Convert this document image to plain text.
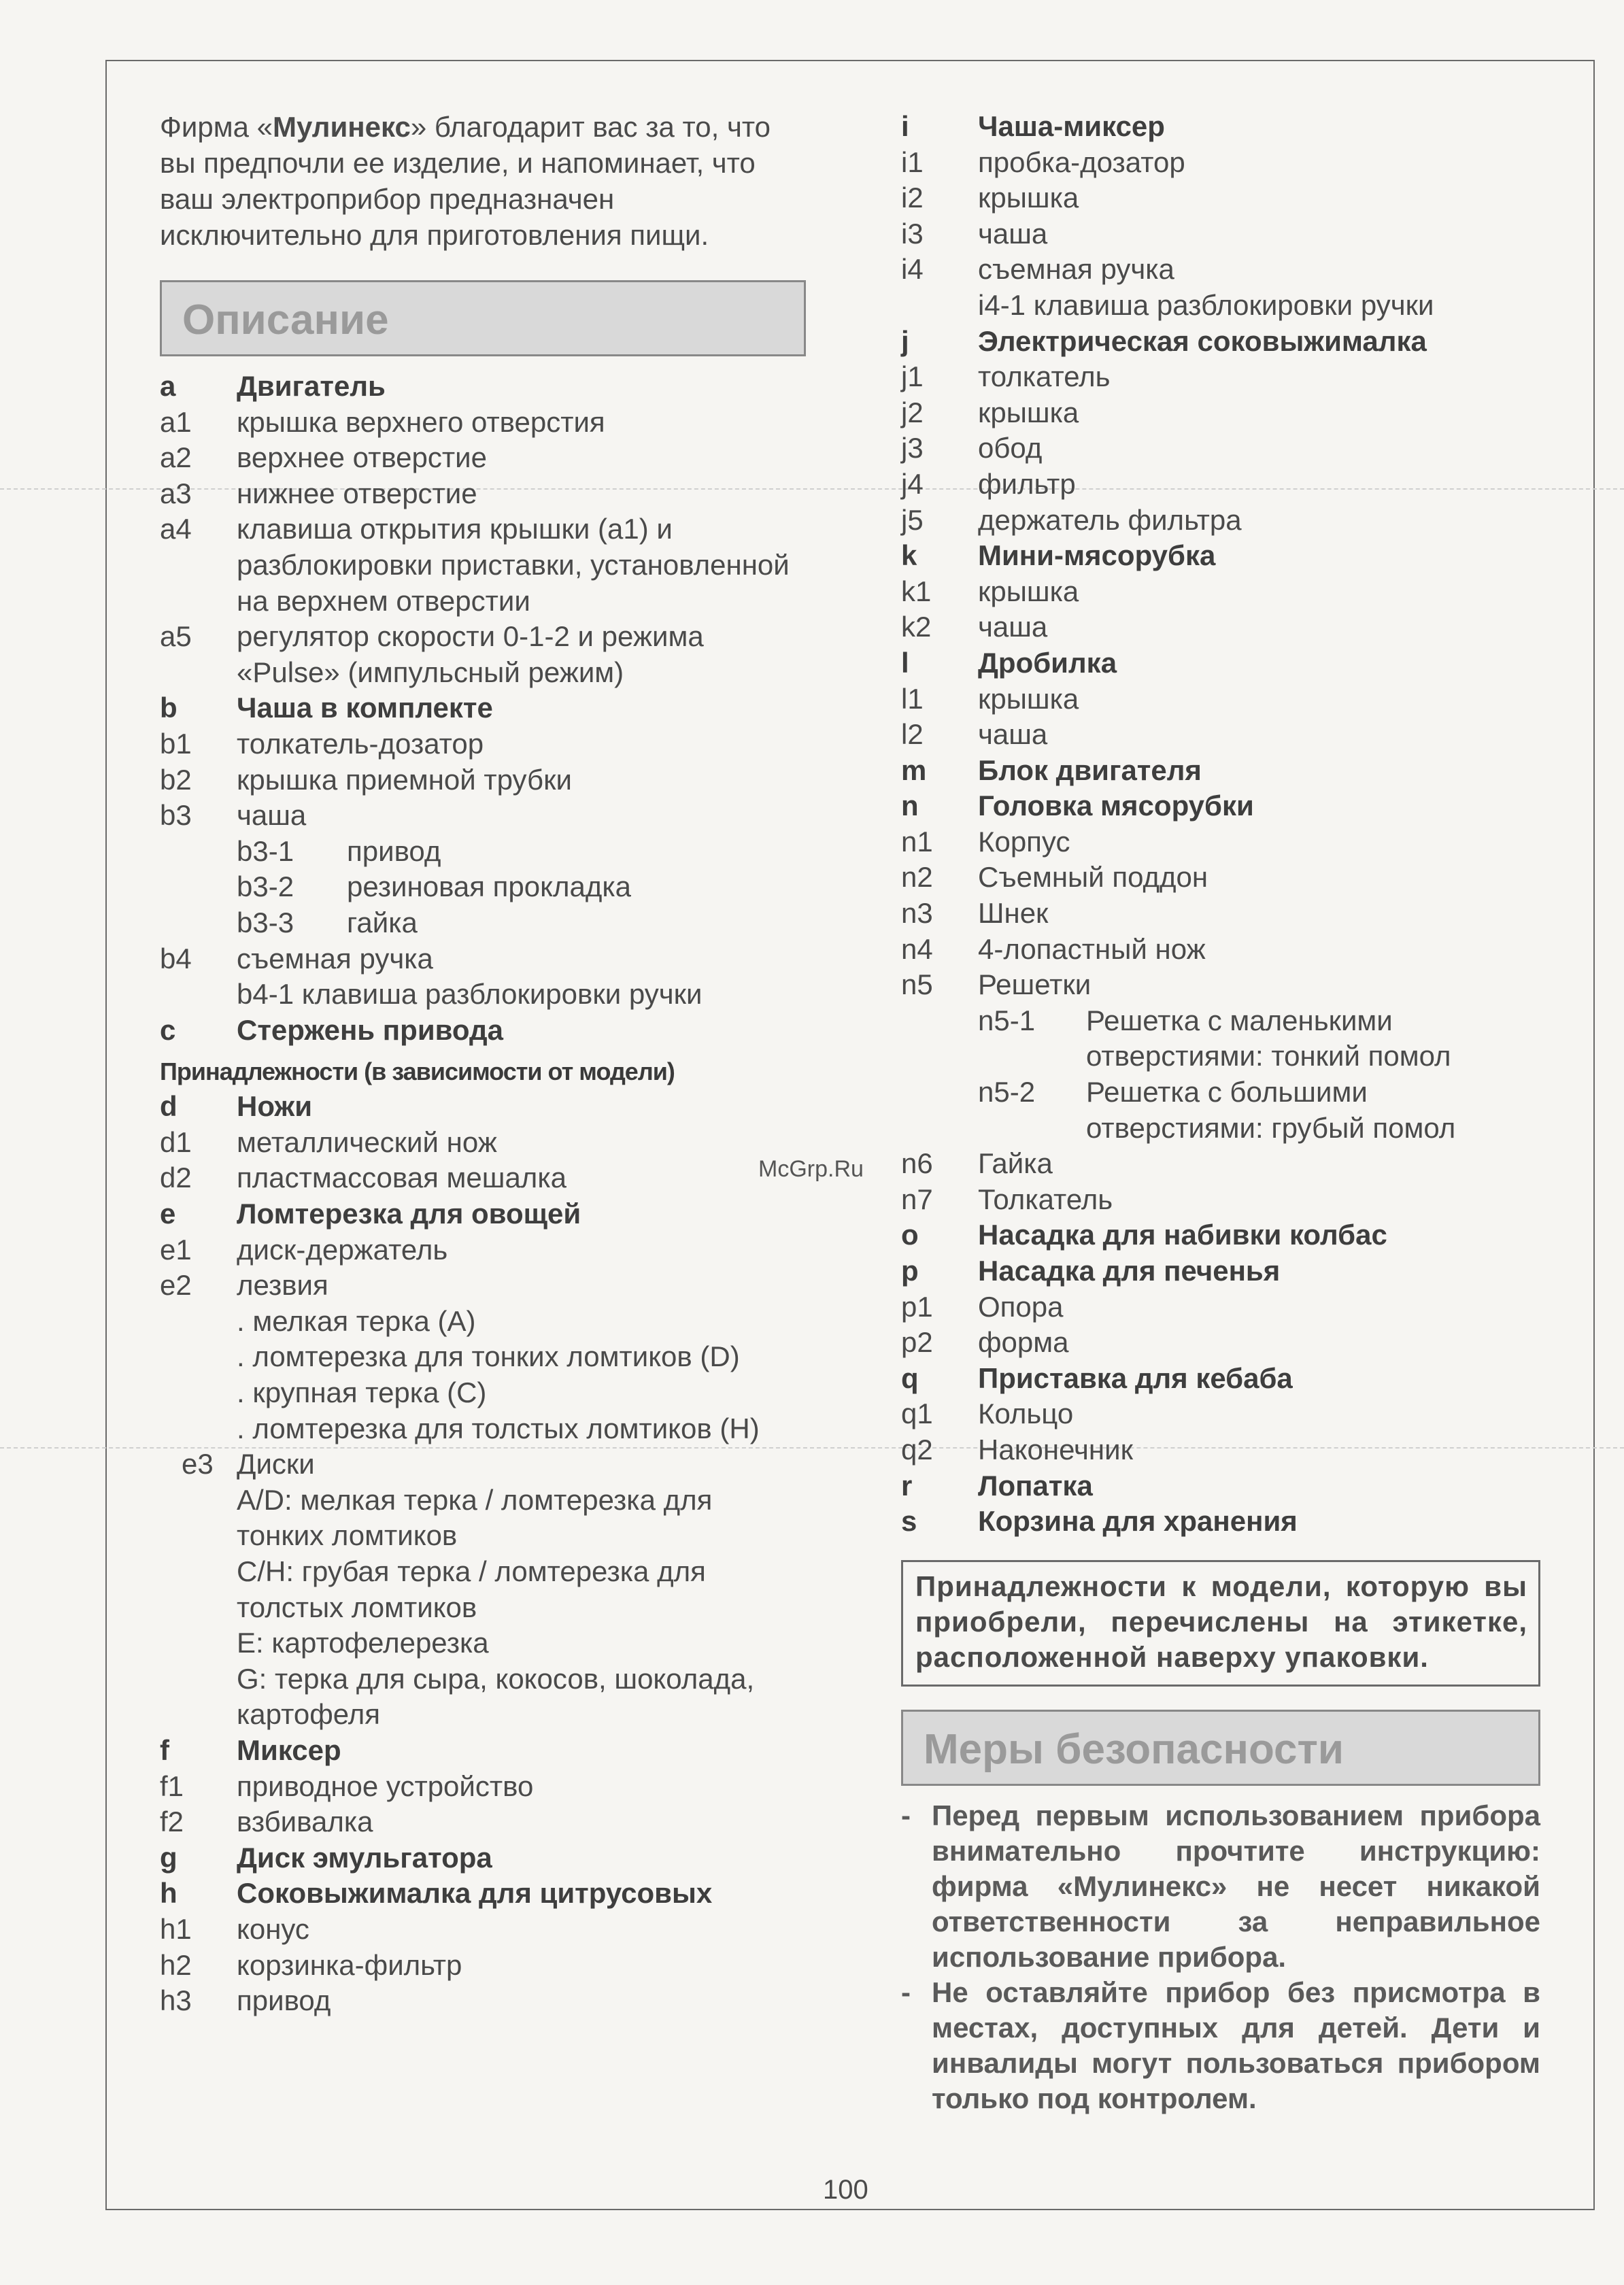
Фирма «Мулинекс» благодарит вас за то, что вы предпочли ее изделие, и напоминает, что ваш электроприбор предназначен исключительно для приготовления пищи.

Описание
a	Двигатель
a1	крышка верхнего отверстия
a2	верхнее отверстие
a3	нижнее отверстие
a4	клавиша открытия крышки (a1) и разблокировки приставки, установленной на верхнем отверстии
a5	регулятор скорости 0-1-2 и режима «Pulse» (импульсный режим)
b	Чаша в комплекте
b1	толкатель-дозатор
b2	крышка приемной трубки
b3	чаша
b3-1	привод
b3-2	резиновая прокладка
b3-3	гайка
b4	съемная ручка
b4-1 клавиша разблокировки ручки
c	Стержень привода
Принадлежности (в зависимости от модели)
d	Ножи
d1	металлический нож
d2	пластмассовая мешалка
e	Ломтерезка для овощей
e1	диск-держатель
e2	лезвия
. мелкая терка (A)
. ломтерезка для тонких ломтиков (D)
. крупная терка (C)
. ломтерезка для толстых ломтиков (H)
e3 Диски
A/D: мелкая терка / ломтерезка для тонких ломтиков
C/H: грубая терка / ломтерезка для толстых ломтиков
E: картофелерезка
G: терка для сыра, кокосов, шоколада, картофеля
f	Миксер
f1	приводное устройство
f2	взбивалка
g	Диск эмульгатора
h	Соковыжималка для цитрусовых
h1	конус
h2	корзинка-фильтр
h3	привод
i	Чаша-миксер
i1	пробка-дозатор
i2	крышка
i3	чаша
i4	съемная ручка
i4-1 клавиша разблокировки ручки
j	Электрическая соковыжималка
j1	толкатель
j2	крышка
j3	обод
j4	фильтр
j5	держатель фильтра
k	Мини-мясорубка
k1	крышка
k2	чаша
l	Дробилка
l1	крышка
l2	чаша
m	Блок двигателя
n	Головка мясорубки
n1	Корпус
n2	Съемный поддон
n3	Шнек
n4	4-лопастный нож
n5	Решетки
n5-1	Решетка с маленькими отверстиями: тонкий помол
n5-2	Решетка с большими отверстиями: грубый помол
n6	Гайка
n7	Толкатель
o	Насадка для набивки колбас
p	Насадка для печенья
p1	Опора
p2	форма
q	Приставка для кебаба
q1	Кольцо
q2	Наконечник
r	Лопатка
s	Корзина для хранения
Принадлежности к модели, которую вы приобрели, перечислены на этикетке, расположенной наверху упаковки.
Меры безопасности
- Перед первым использованием прибора внимательно прочтите инструкцию: фирма «Мулинекс» не несет никакой ответственности за неправильное использование прибора.
- Не оставляйте прибор без присмотра в местах, доступных для детей. Дети и инвалиды могут пользоваться прибором только под контролем.
McGrp.Ru
100
